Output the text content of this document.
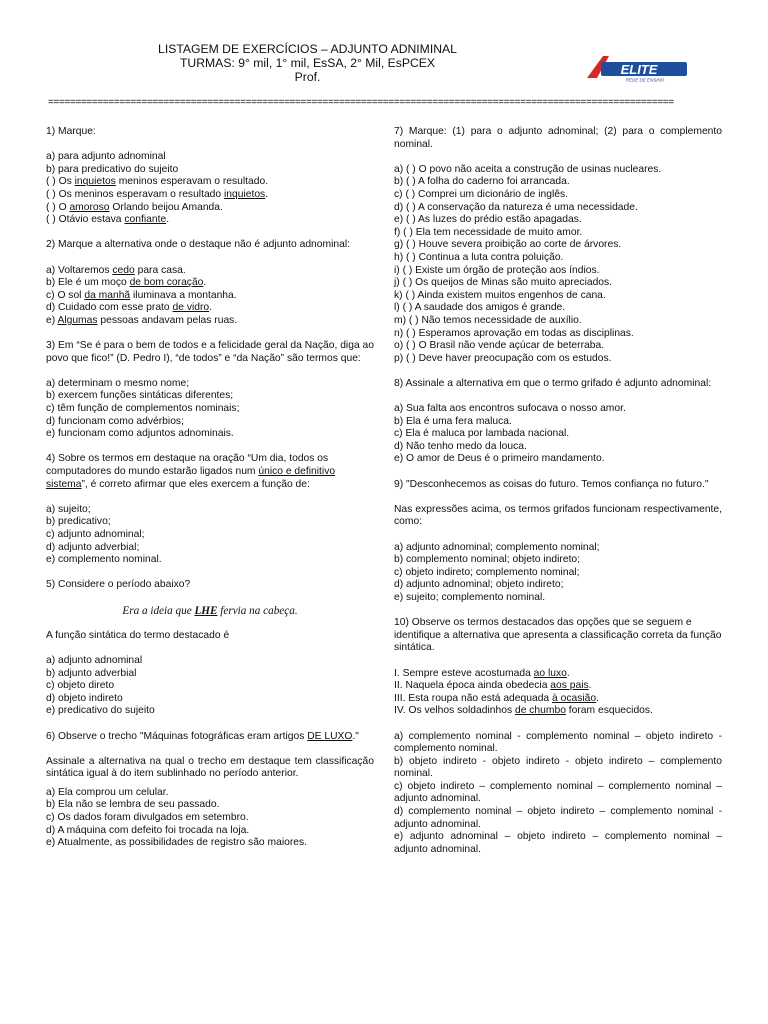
LISTAGEM DE EXERCÍCIOS – ADJUNTO ADNIMINAL
TURMAS: 9° mil, 1° mil, EsSA, 2° Mil, EsPCEX
Prof.	ELITE
REDE DE ENSINO
==================================================================================================================

1) Marque:

a) para adjunto adnominal

b) para predicativo do sujeito

( ) Os inquietos meninos esperavam o resultado.

( ) Os meninos esperavam o resultado inquietos.

( ) O amoroso Orlando beijou Amanda.

( ) Otávio estava confiante.

2) Marque a alternativa onde o destaque não é adjunto adnominal:

a) Voltaremos cedo para casa.

b) Ele é um moço de bom coração.

c) O sol da manhã iluminava a montanha.

d) Cuidado com esse prato de vidro.

e) Algumas pessoas andavam pelas ruas.

3) Em “Se é para o bem de todos e a felicidade geral da Nação, diga ao povo que fico!” (D. Pedro I), “de todos” e “da Nação” são termos que:

a) determinam o mesmo nome;

b) exercem funções sintáticas diferentes;

c) têm função de complementos nominais;

d) funcionam como advérbios;

e) funcionam como adjuntos adnominais.

4) Sobre os termos em destaque na oração “Um dia, todos os computadores do mundo estarão ligados num único e definitivo sistema”, é correto afirmar que eles exercem a função de:

a) sujeito;

b) predicativo;

c) adjunto adnominal;

d) adjunto adverbial;

e) complemento nominal.

5) Considere o período abaixo?

Era a ideia que LHE fervia na cabeça.

A função sintática do termo destacado é

a) adjunto adnominal

b) adjunto adverbial

c) objeto direto

d) objeto indireto

e) predicativo do sujeito

6) Observe o trecho "Máquinas fotográficas eram artigos DE LUXO."

Assinale a alternativa na qual o trecho em destaque tem classificação sintática igual à do item sublinhado no período anterior.

a) Ela comprou um celular.

b) Ela não se lembra de seu passado.

c) Os dados foram divulgados em setembro.

d) A máquina com defeito foi trocada na loja.

e) Atualmente, as possibilidades de registro são maiores.

7) Marque: (1) para o adjunto adnominal; (2) para o complemento nominal.

a) ( ) O povo não aceita a construção de usinas nucleares.

b) ( ) A folha do caderno foi arrancada.

c) ( ) Comprei um dicionário de inglês.

d) ( ) A conservação da natureza é uma necessidade.

e) ( ) As luzes do prédio estão apagadas.

f) ( ) Ela tem necessidade de muito amor.

g) ( ) Houve severa proibição ao corte de árvores.

h) ( ) Continua a luta contra poluição.

i) ( ) Existe um órgão de proteção aos índios.

j) ( ) Os queijos de Minas são muito apreciados.

k) ( ) Ainda existem muitos engenhos de cana.

l) ( ) A saudade dos amigos é grande.

m) ( ) Não temos necessidade de auxílio.

n) ( ) Esperamos aprovação em todas as disciplinas.

o) ( ) O Brasil não vende açúcar de beterraba.

p) ( ) Deve haver preocupação com os estudos.

8) Assinale a alternativa em que o termo grifado é adjunto adnominal:

a) Sua falta aos encontros sufocava o nosso amor.

b) Ela é uma fera maluca.

c) Ela é maluca por lambada nacional.

d) Não tenho medo da louca.

e) O amor de Deus é o primeiro mandamento.

9) "Desconhecemos as coisas do futuro. Temos confiança no futuro."

Nas expressões acima, os termos grifados funcionam respectivamente, como:

a) adjunto adnominal; complemento nominal;

b) complemento nominal; objeto indireto;

c) objeto indireto; complemento nominal;

d) adjunto adnominal; objeto indireto;

e) sujeito; complemento nominal.

10) Observe os termos destacados das opções que se seguem e identifique a alternativa que apresenta a classificação correta da função sintática.

I. Sempre esteve acostumada ao luxo.

II. Naquela época ainda obedecia aos pais.

III. Esta roupa não está adequada à ocasião.

IV. Os velhos soldadinhos de chumbo foram esquecidos.

a) complemento nominal - complemento nominal – objeto indireto - complemento nominal.

b) objeto indireto - objeto indireto - objeto indireto – complemento nominal.

c) objeto indireto – complemento nominal – complemento nominal – adjunto adnominal.

d) complemento nominal – objeto indireto – complemento nominal - adjunto adnominal.

e) adjunto adnominal – objeto indireto – complemento nominal – adjunto adnominal.
